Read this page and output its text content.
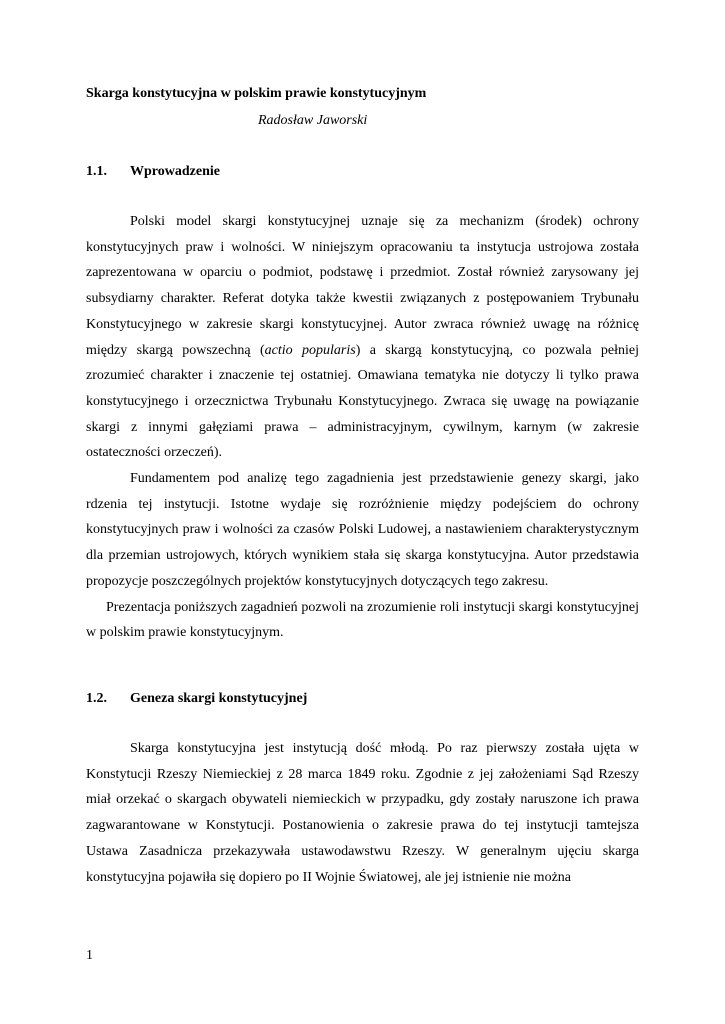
Skarga konstytucyjna w polskim prawie konstytucyjnym
Radosław Jaworski
1.1. Wprowadzenie

Polski model skargi konstytucyjnej uznaje się za mechanizm (środek) ochrony konstytucyjnych praw i wolności. W niniejszym opracowaniu ta instytucja ustrojowa została zaprezentowana w oparciu o podmiot, podstawę i przedmiot. Został również zarysowany jej subsydiarny charakter. Referat dotyka także kwestii związanych z postępowaniem Trybunału Konstytucyjnego w zakresie skargi konstytucyjnej. Autor zwraca również uwagę na różnicę między skargą powszechną (actio popularis) a skargą konstytucyjną, co pozwala pełniej zrozumieć charakter i znaczenie tej ostatniej. Omawiana tematyka nie dotyczy li tylko prawa konstytucyjnego i orzecznictwa Trybunału Konstytucyjnego. Zwraca się uwagę na powiązanie skargi z innymi gałęziami prawa – administracyjnym, cywilnym, karnym (w zakresie ostateczności orzeczeń).

Fundamentem pod analizę tego zagadnienia jest przedstawienie genezy skargi, jako rdzenia tej instytucji. Istotne wydaje się rozróżnienie między podejściem do ochrony konstytucyjnych praw i wolności za czasów Polski Ludowej, a nastawieniem charakterystycznym dla przemian ustrojowych, których wynikiem stała się skarga konstytucyjna. Autor przedstawia propozycje poszczególnych projektów konstytucyjnych dotyczących tego zakresu.

Prezentacja poniższych zagadnień pozwoli na zrozumienie roli instytucji skargi konstytucyjnej w polskim prawie konstytucyjnym.

1.2. Geneza skargi konstytucyjnej

Skarga konstytucyjna jest instytucją dość młodą. Po raz pierwszy została ujęta w Konstytucji Rzeszy Niemieckiej z 28 marca 1849 roku. Zgodnie z jej założeniami Sąd Rzeszy miał orzekać o skargach obywateli niemieckich w przypadku, gdy zostały naruszone ich prawa zagwarantowane w Konstytucji. Postanowienia o zakresie prawa do tej instytucji tamtejsza Ustawa Zasadnicza przekazywała ustawodawstwu Rzeszy. W generalnym ujęciu skarga konstytucyjna pojawiła się dopiero po II Wojnie Światowej, ale jej istnienie nie można

1
